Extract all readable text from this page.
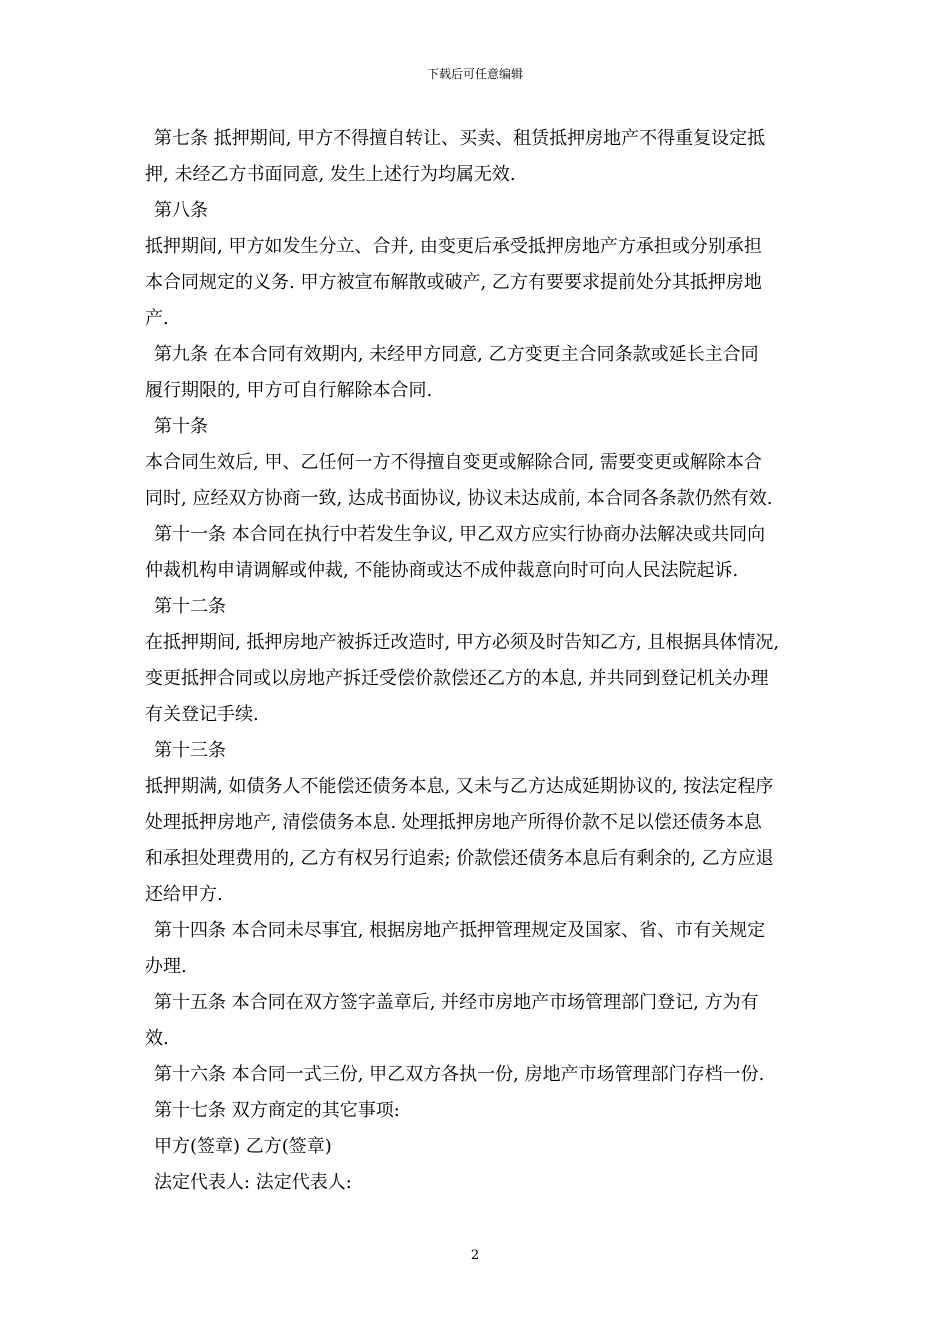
下载后可任意编辑
第七条 抵押期间, 甲方不得擅自转让、买卖、租赁抵押房地产不得重复设定抵
押, 未经乙方书面同意, 发生上述行为均属无效.
第八条
抵押期间, 甲方如发生分立、合并, 由变更后承受抵押房地产方承担或分别承担
本合同规定的义务. 甲方被宣布解散或破产, 乙方有要要求提前处分其抵押房地
产.
第九条 在本合同有效期内, 未经甲方同意, 乙方变更主合同条款或延长主合同
履行期限的, 甲方可自行解除本合同.
第十条
本合同生效后, 甲、乙任何一方不得擅自变更或解除合同, 需要变更或解除本合
同时, 应经双方协商一致, 达成书面协议, 协议未达成前, 本合同各条款仍然有效.
第十一条 本合同在执行中若发生争议, 甲乙双方应实行协商办法解决或共同向
仲裁机构申请调解或仲裁, 不能协商或达不成仲裁意向时可向人民法院起诉.
第十二条
在抵押期间, 抵押房地产被拆迁改造时, 甲方必须及时告知乙方, 且根据具体情况,
变更抵押合同或以房地产拆迁受偿价款偿还乙方的本息, 并共同到登记机关办理
有关登记手续.
第十三条
抵押期满, 如债务人不能偿还债务本息, 又未与乙方达成延期协议的, 按法定程序
处理抵押房地产, 清偿债务本息. 处理抵押房地产所得价款不足以偿还债务本息
和承担处理费用的, 乙方有权另行追索; 价款偿还债务本息后有剩余的, 乙方应退
还给甲方.
第十四条 本合同未尽事宜, 根据房地产抵押管理规定及国家、省、市有关规定
办理.
第十五条 本合同在双方签字盖章后, 并经市房地产市场管理部门登记, 方为有
效.
第十六条 本合同一式三份, 甲乙双方各执一份, 房地产市场管理部门存档一份.
第十七条 双方商定的其它事项:
甲方(签章) 乙方(签章)
法定代表人: 法定代表人:
2
